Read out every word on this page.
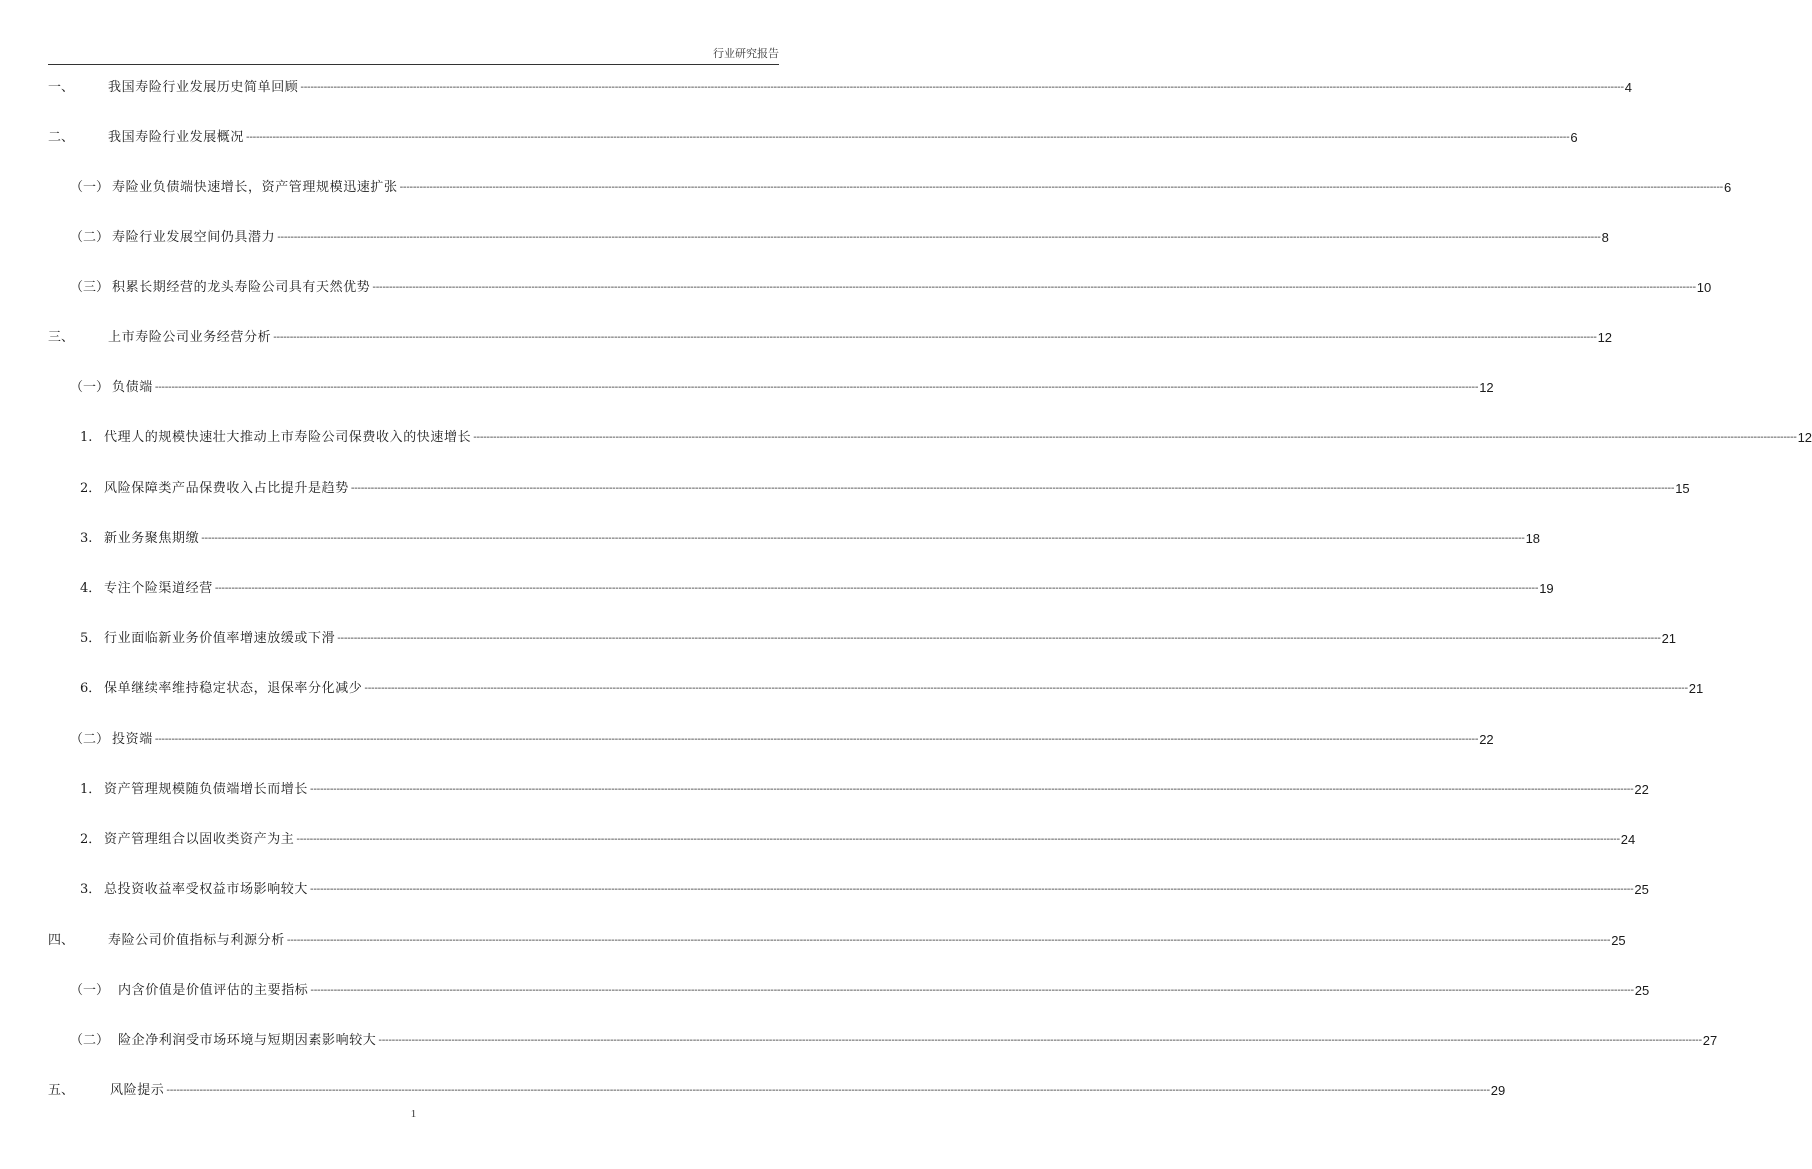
行业研究报告
一、	我国寿险行业发展历史简单回顾 ---------------------------------------------------------------------------------------------------------------------------------------------------------------------------------------------------------------------------------------------------------------------------------------------------------------------------------------------------------------------------------------------------------------- 4
二、	我国寿险行业发展概况 ---------------------------------------------------------------------------------------------------------------------------------------------------------------------------------------------------------------------------------------------------------------------------------------------------------------------------------------------------------------------------------------------------------------- 6
（一） 寿险业负债端快速增长，资产管理规模迅速扩张 ---------------------------------------------------------------------------------------------------------------------------------------------------------------------------------------------------------------------------------------------------------------------------------------------------------------------------------------------------------------------------------------------------------------- 6
（二） 寿险行业发展空间仍具潜力 ---------------------------------------------------------------------------------------------------------------------------------------------------------------------------------------------------------------------------------------------------------------------------------------------------------------------------------------------------------------------------------------------------------------- 8
（三） 积累长期经营的龙头寿险公司具有天然优势 ---------------------------------------------------------------------------------------------------------------------------------------------------------------------------------------------------------------------------------------------------------------------------------------------------------------------------------------------------------------------------------------------------------------- 10
三、	上市寿险公司业务经营分析 ---------------------------------------------------------------------------------------------------------------------------------------------------------------------------------------------------------------------------------------------------------------------------------------------------------------------------------------------------------------------------------------------------------------- 12
（一） 负债端 ---------------------------------------------------------------------------------------------------------------------------------------------------------------------------------------------------------------------------------------------------------------------------------------------------------------------------------------------------------------------------------------------------------------- 12
1. 代理人的规模快速壮大推动上市寿险公司保费收入的快速增长 ---------------------------------------------------------------------------------------------------------------------------------------------------------------------------------------------------------------------------------------------------------------------------------------------------------------------------------------------------------------------------------------------------------------- 12
2． 风险保障类产品保费收入占比提升是趋势 ---------------------------------------------------------------------------------------------------------------------------------------------------------------------------------------------------------------------------------------------------------------------------------------------------------------------------------------------------------------------------------------------------------------- 15
3. 新业务聚焦期缴 ---------------------------------------------------------------------------------------------------------------------------------------------------------------------------------------------------------------------------------------------------------------------------------------------------------------------------------------------------------------------------------------------------------------- 18
4． 专注个险渠道经营 ---------------------------------------------------------------------------------------------------------------------------------------------------------------------------------------------------------------------------------------------------------------------------------------------------------------------------------------------------------------------------------------------------------------- 19
5． 行业面临新业务价值率增速放缓或下滑 ---------------------------------------------------------------------------------------------------------------------------------------------------------------------------------------------------------------------------------------------------------------------------------------------------------------------------------------------------------------------------------------------------------------- 21
6． 保单继续率维持稳定状态，退保率分化减少 ---------------------------------------------------------------------------------------------------------------------------------------------------------------------------------------------------------------------------------------------------------------------------------------------------------------------------------------------------------------------------------------------------------------- 21
（二） 投资端 ---------------------------------------------------------------------------------------------------------------------------------------------------------------------------------------------------------------------------------------------------------------------------------------------------------------------------------------------------------------------------------------------------------------- 22
1． 资产管理规模随负债端增长而增长 ---------------------------------------------------------------------------------------------------------------------------------------------------------------------------------------------------------------------------------------------------------------------------------------------------------------------------------------------------------------------------------------------------------------- 22
2． 资产管理组合以固收类资产为主 ---------------------------------------------------------------------------------------------------------------------------------------------------------------------------------------------------------------------------------------------------------------------------------------------------------------------------------------------------------------------------------------------------------------- 24
3． 总投资收益率受权益市场影响较大 ---------------------------------------------------------------------------------------------------------------------------------------------------------------------------------------------------------------------------------------------------------------------------------------------------------------------------------------------------------------------------------------------------------------- 25
四、	寿险公司价值指标与利源分析 ---------------------------------------------------------------------------------------------------------------------------------------------------------------------------------------------------------------------------------------------------------------------------------------------------------------------------------------------------------------------------------------------------------------- 25
（一） 内含价值是价值评估的主要指标 ---------------------------------------------------------------------------------------------------------------------------------------------------------------------------------------------------------------------------------------------------------------------------------------------------------------------------------------------------------------------------------------------------------------- 25
（二） 险企净利润受市场环境与短期因素影响较大 ---------------------------------------------------------------------------------------------------------------------------------------------------------------------------------------------------------------------------------------------------------------------------------------------------------------------------------------------------------------------------------------------------------------- 27
五、	风险提示 ---------------------------------------------------------------------------------------------------------------------------------------------------------------------------------------------------------------------------------------------------------------------------------------------------------------------------------------------------------------------------------------------------------------- 29
1
